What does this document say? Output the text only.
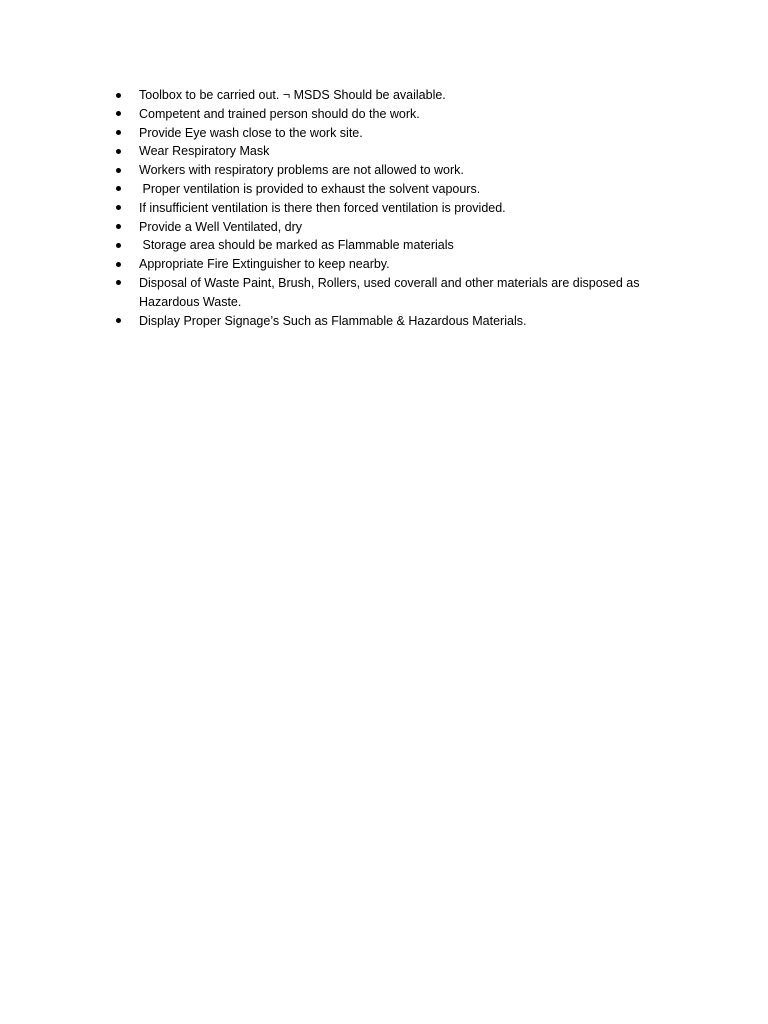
Toolbox to be carried out. ¬ MSDS Should be available.
Competent and trained person should do the work.
Provide Eye wash close to the work site.
Wear Respiratory Mask
Workers with respiratory problems are not allowed to work.
Proper ventilation is provided to exhaust the solvent vapours.
If insufficient ventilation is there then forced ventilation is provided.
Provide a Well Ventilated, dry
Storage area should be marked as Flammable materials
Appropriate Fire Extinguisher to keep nearby.
Disposal of Waste Paint, Brush, Rollers, used coverall and other materials are disposed as Hazardous Waste.
Display Proper Signage’s Such as Flammable & Hazardous Materials.
